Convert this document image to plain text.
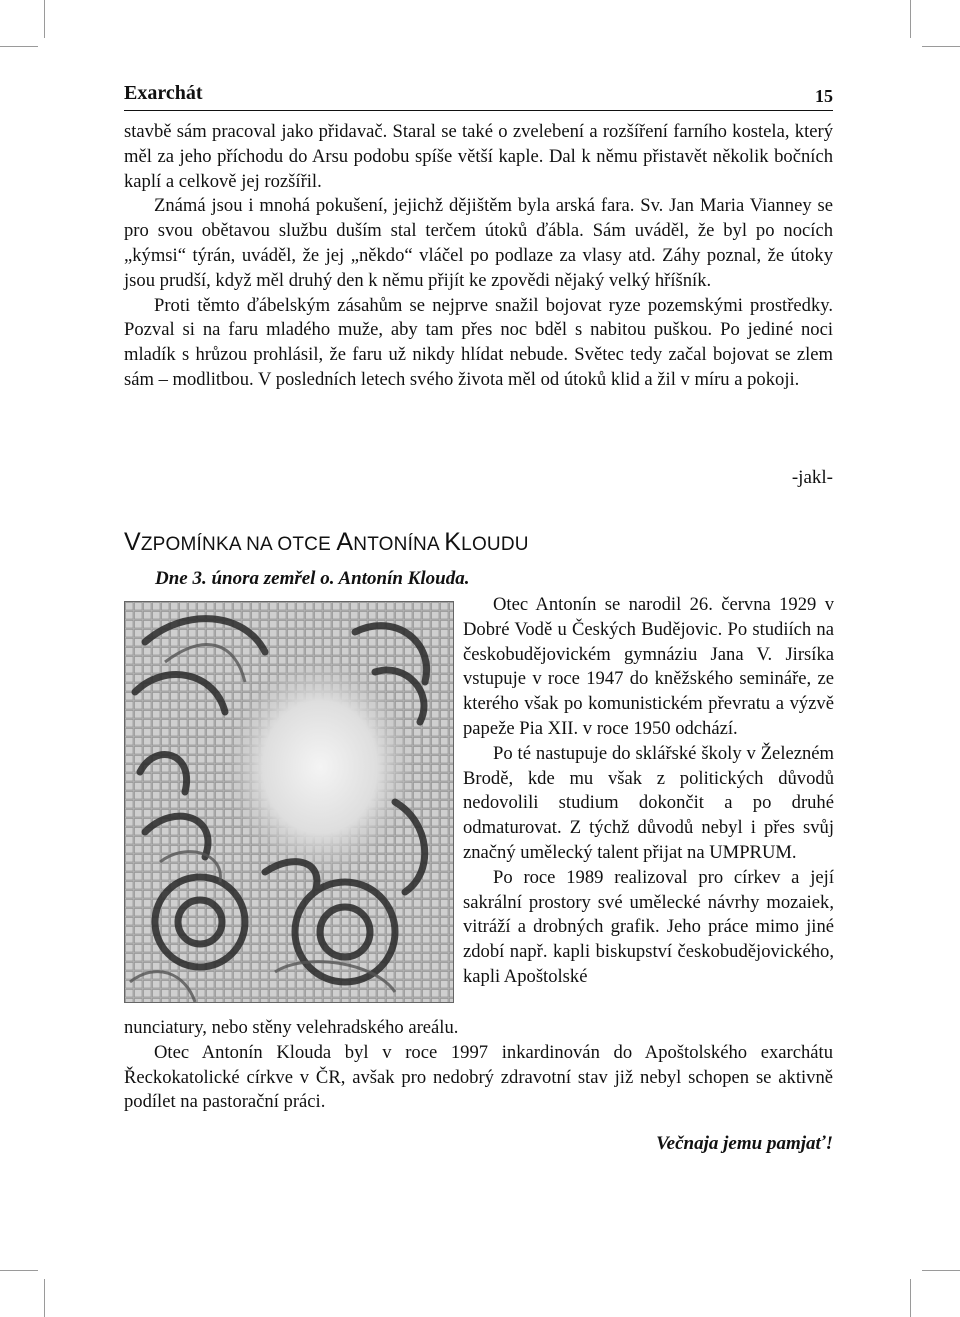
Exarchát	15

stavbě sám pracoval jako přidavač. Staral se také o zvelebení a rozšíření farního kostela, který měl za jeho příchodu do Arsu podobu spíše větší kaple. Dal k němu přistavět několik bočních kaplí a celkově jej rozšířil.

Známá jsou i mnohá pokušení, jejichž dějištěm byla arská fara. Sv. Jan Maria Vianney se pro svou obětavou službu duším stal terčem útoků ďábla. Sám uváděl, že byl po nocích „kýmsi“ týrán, uváděl, že jej „někdo“ vláčel po podlaze za vlasy atd. Záhy poznal, že útoky jsou prudší, když měl druhý den k němu přijít ke zpovědi nějaký velký hříšník.

Proti těmto ďábelským zásahům se nejprve snažil bojovat ryze pozemskými prostředky. Pozval si na faru mladého muže, aby tam přes noc bděl s nabitou puškou. Po jediné noci mladík s hrůzou prohlásil, že faru už nikdy hlídat nebude. Světec tedy začal bojovat se zlem sám – modlitbou. V posledních letech svého života měl od útoků klid a žil v míru a pokoji.

-jakl-
VZPOMÍNKA NA OTCE ANTONÍNA KLOUDU
Dne 3. února zemřel o. Antonín Klouda.

Otec Antonín se narodil 26. června 1929 v Dobré Vodě u Českých Budějovic. Po studiích na českobudějovickém gymnáziu Jana V. Jirsíka vstupuje v roce 1947 do kněžského semináře, ze kterého však po komunistickém převratu a výzvě papeže Pia XII. v roce 1950 odchází.

Po té nastupuje do sklářské školy v Železném Brodě, kde mu však z politických důvodů nedovolili studium dokončit a po druhé odmaturovat. Z týchž důvodů nebyl i přes svůj značný umělecký talent přijat na UMPRUM.

Po roce 1989 realizoval pro církev a její sakrální prostory své umělecké návrhy mozaiek, vitráží a drobných grafik. Jeho práce mimo jiné zdobí např. kapli biskupství českobudějovického, kapli Apoštolské

nunciatury, nebo stěny velehradského areálu.

Otec Antonín Klouda byl v roce 1997 inkardinován do Apoštolského exarchátu Řeckokatolické církve v ČR, avšak pro nedobrý zdravotní stav již nebyl schopen se aktivně podílet na pastorační práci.

Večnaja jemu pamjať!
